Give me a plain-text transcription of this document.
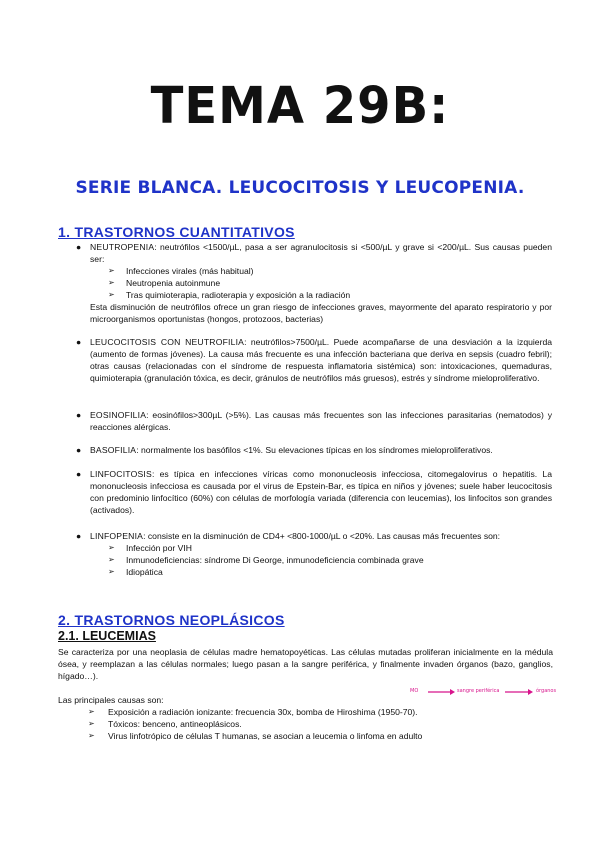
TEMA 29B:
SERIE BLANCA. LEUCOCITOSIS Y LEUCOPENIA.
1. TRASTORNOS CUANTITATIVOS
● NEUTROPENIA: neutrófilos <1500/µL, pasa a ser agranulocitosis si <500/µL y grave si <200/µL. Sus causas pueden ser:
➢ Infecciones virales (más habitual)
➢ Neutropenia autoinmune
➢ Tras quimioterapia, radioterapia y exposición a la radiación
Esta disminución de neutrófilos ofrece un gran riesgo de infecciones graves, mayormente del aparato respiratorio y por microorganismos oportunistas (hongos, protozoos, bacterias)
● LEUCOCITOSIS CON NEUTROFILIA: neutrófilos>7500/µL. Puede acompañarse de una desviación a la izquierda (aumento de formas jóvenes). La causa más frecuente es una infección bacteriana que deriva en sepsis (cuadro febril); otras causas (relacionadas con el síndrome de respuesta inflamatoria sistémica) son: intoxicaciones, quemaduras, quimioterapia (granulación tóxica, es decir, gránulos de neutrófilos más gruesos), estrés y síndrome mieloproliferativo.
● EOSINOFILIA: eosinófilos>300µL (>5%). Las causas más frecuentes son las infecciones parasitarias (nematodos) y reacciones alérgicas.
● BASOFILIA: normalmente los basófilos <1%. Su elevaciones típicas en los síndromes mieloproliferativos.
● LINFOCITOSIS: es típica en infecciones víricas como mononucleosis infecciosa, citomegalovirus o hepatitis. La mononucleosis infecciosa es causada por el virus de Epstein-Bar, es típica en niños y jóvenes; suele haber leucocitosis con predominio linfocítico (60%) con células de morfología variada (diferencia con leucemias), los linfocitos son grandes (activados).
● LINFOPENIA: consiste en la disminución de CD4+ <800-1000/µL o <20%. Las causas más frecuentes son:
➢ Infección por VIH
➢ Inmunodeficiencias: síndrome Di George, inmunodeficiencia combinada grave
➢ Idiopática
2. TRASTORNOS NEOPLÁSICOS
2.1. LEUCEMIAS
Se caracteriza por una neoplasia de células madre hematopoyéticas. Las células mutadas proliferan inicialmente en la médula ósea, y reemplazan a las células normales; luego pasan a la sangre periférica, y finalmente invaden órganos (bazo, ganglios, hígado…).
Las principales causas son:
MO	sangre periférica	órganos
➢ Exposición a radiación ionizante: frecuencia 30x, bomba de Hiroshima (1950-70).
➢ Tóxicos: benceno, antineoplásicos.
➢ Virus linfotrópico de células T humanas, se asocian a leucemia o linfoma en adulto
